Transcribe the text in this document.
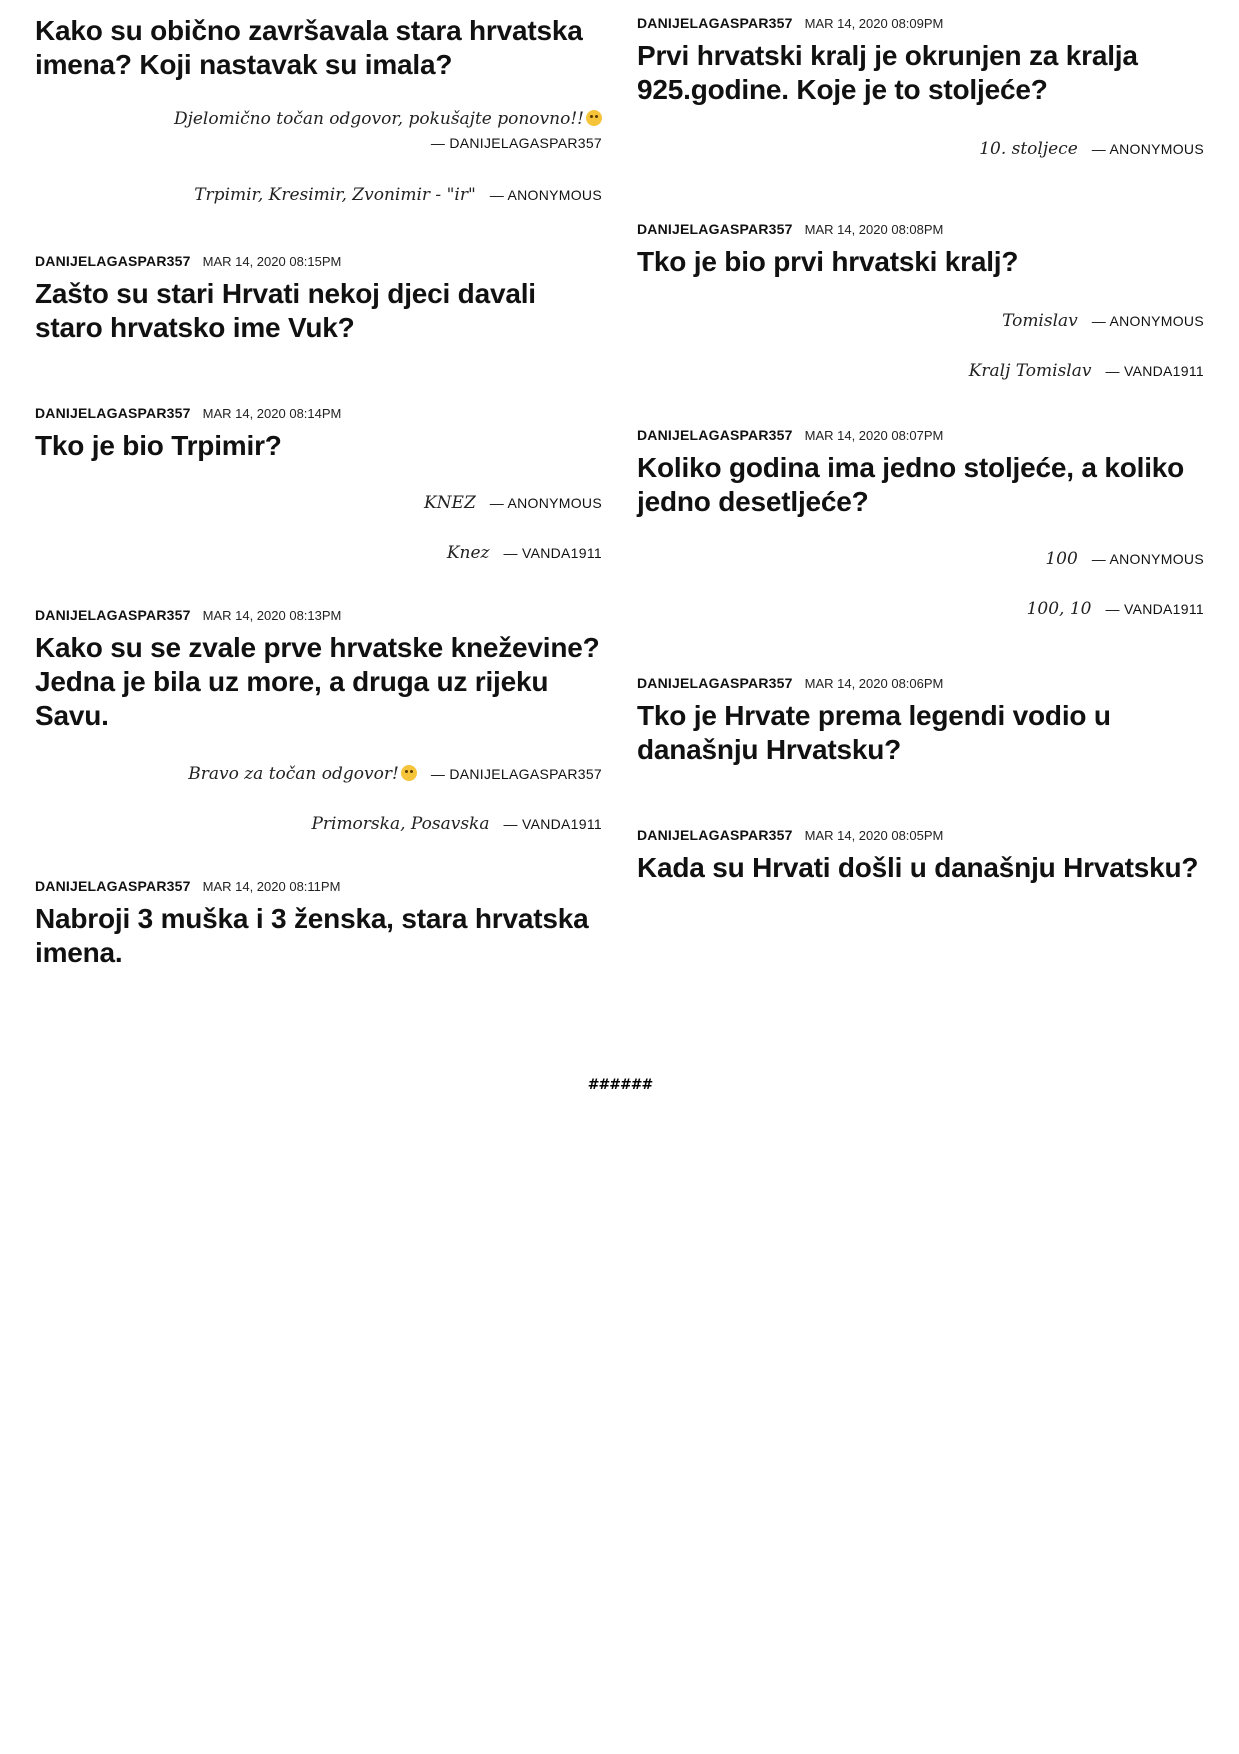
Kako su obično završavala stara hrvatska imena? Koji nastavak su imala?
Djelomično točan odgovor, pokušajte ponovno!!
— DANIJELAGASPAR357
Trpimir, Kresimir, Zvonimir - "ir" — ANONYMOUS
DANIJELAGASPAR357 MAR 14, 2020 08:15PM
Zašto su stari Hrvati nekoj djeci davali staro hrvatsko ime Vuk?
DANIJELAGASPAR357 MAR 14, 2020 08:14PM
Tko je bio Trpimir?
KNEZ — ANONYMOUS
Knez — VANDA1911
DANIJELAGASPAR357 MAR 14, 2020 08:13PM
Kako su se zvale prve hrvatske kneževine? Jedna je bila uz more, a druga uz rijeku Savu.
Bravo za točan odgovor!	— DANIJELAGASPAR357
Primorska, Posavska — VANDA1911
DANIJELAGASPAR357 MAR 14, 2020 08:11PM
Nabroji 3 muška i 3 ženska, stara hrvatska imena.
DANIJELAGASPAR357 MAR 14, 2020 08:09PM
Prvi hrvatski kralj je okrunjen za kralja 925.godine. Koje je to stoljeće?
10. stoljece — ANONYMOUS
DANIJELAGASPAR357 MAR 14, 2020 08:08PM
Tko je bio prvi hrvatski kralj?
Tomislav — ANONYMOUS
Kralj Tomislav — VANDA1911
DANIJELAGASPAR357 MAR 14, 2020 08:07PM
Koliko godina ima jedno stoljeće, a koliko jedno desetljeće?
100 — ANONYMOUS
100, 10 — VANDA1911
DANIJELAGASPAR357 MAR 14, 2020 08:06PM
Tko je Hrvate prema legendi vodio u današnju Hrvatsku?
DANIJELAGASPAR357 MAR 14, 2020 08:05PM
Kada su Hrvati došli u današnju Hrvatsku?
######
